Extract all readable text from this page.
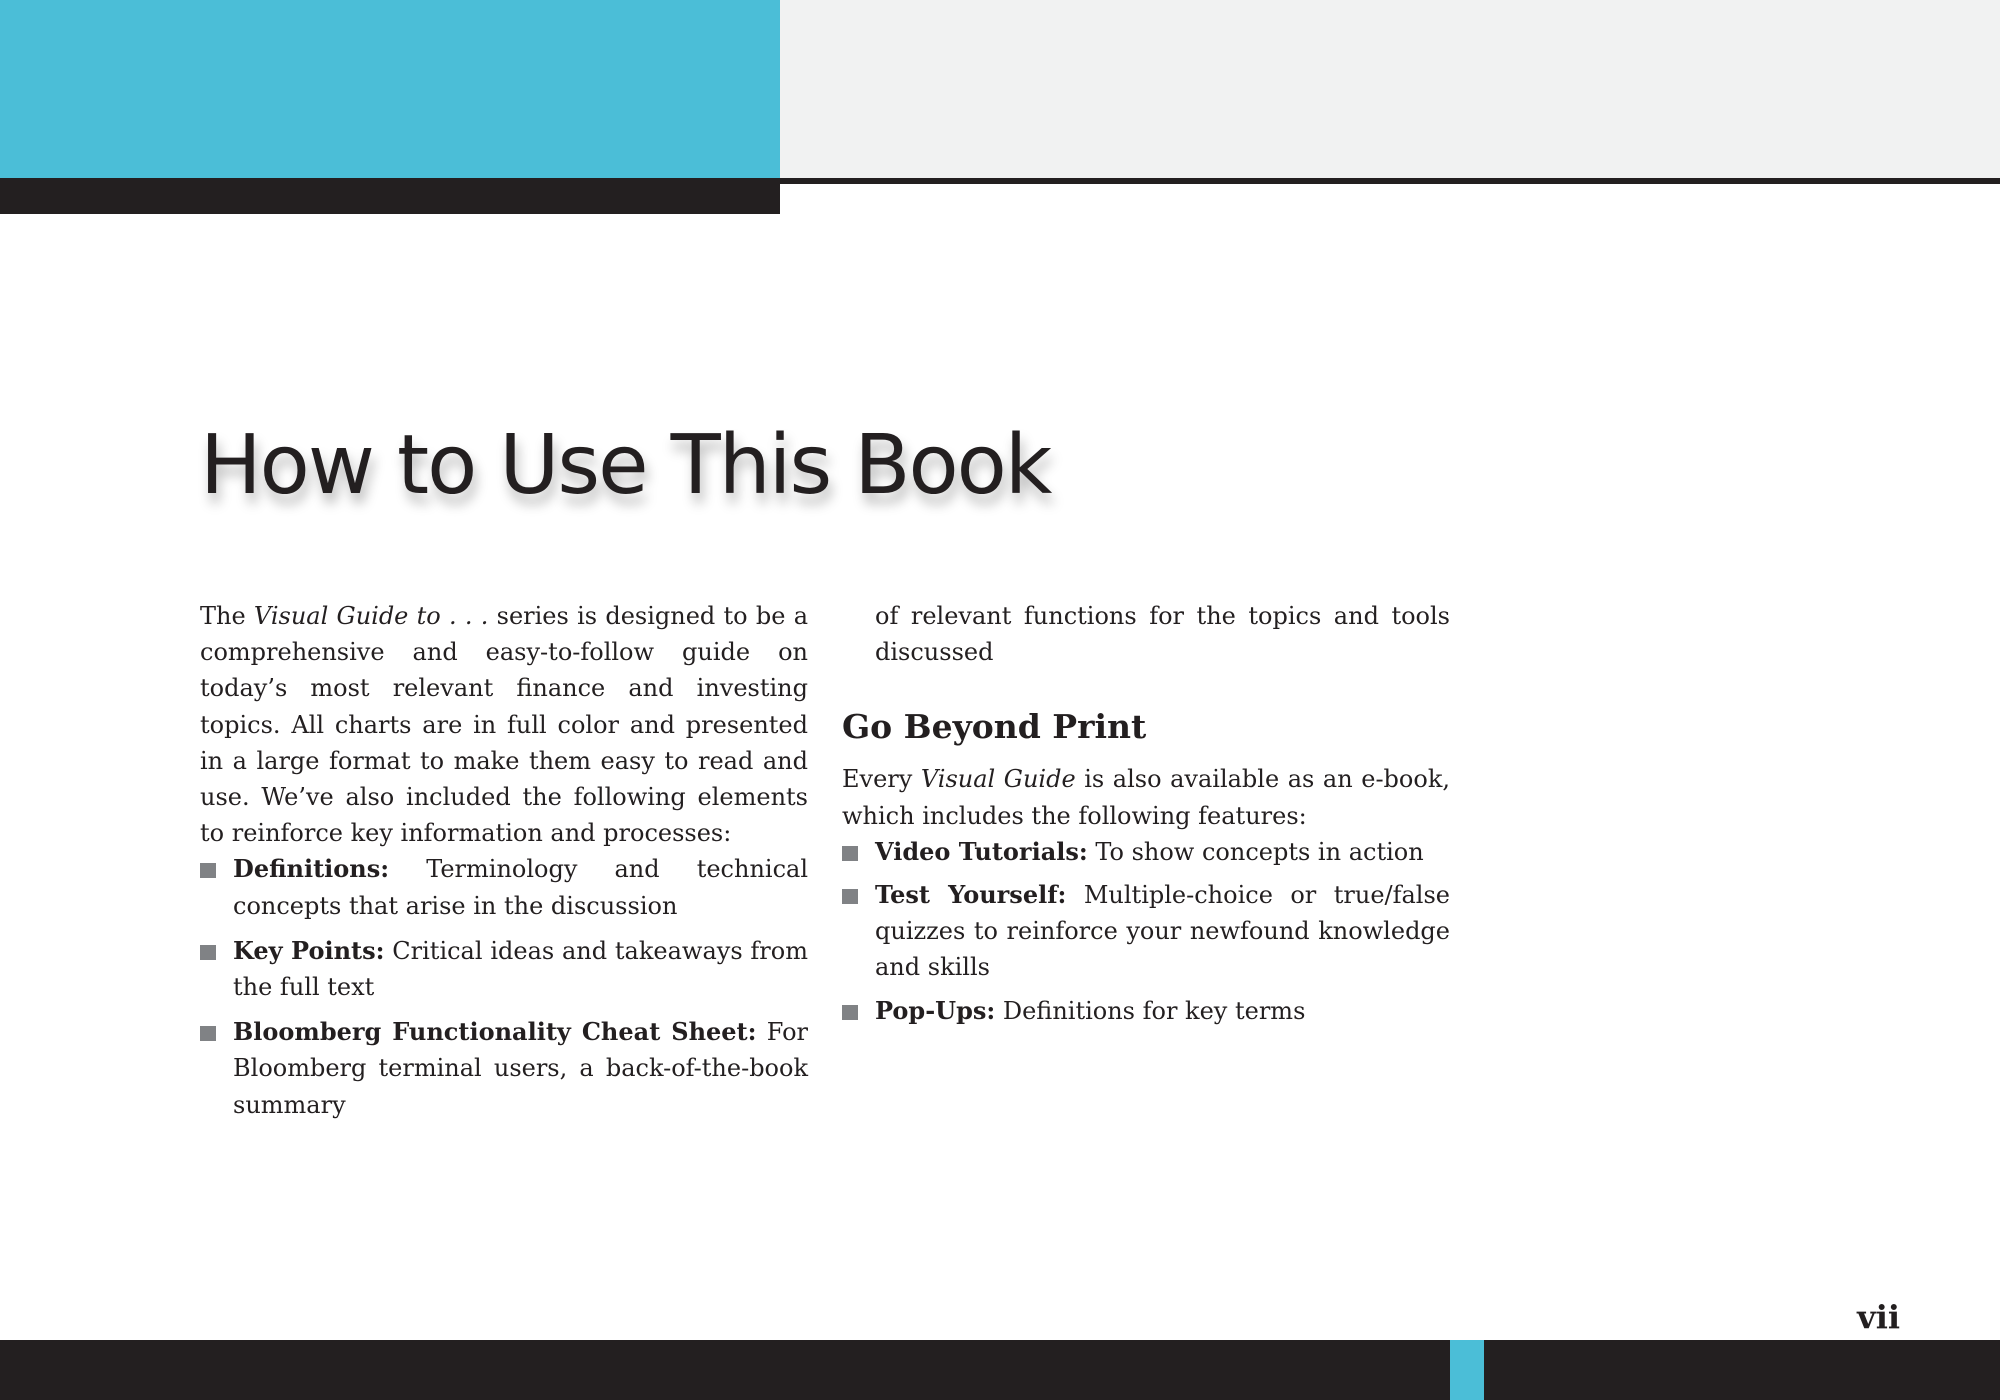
How to Use This Book

The Visual Guide to . . . series is designed to be a comprehensive and easy-to-follow guide on today’s most relevant finance and investing topics. All charts are in full color and presented in a large format to make them easy to read and use. We’ve also included the following elements to reinforce key information and processes:

Definitions: Terminology and technical concepts that arise in the discussion
Key Points: Critical ideas and takeaways from the full text
Bloomberg Functionality Cheat Sheet: For Bloomberg terminal users, a back-of-the-book summary

of relevant functions for the topics and tools discussed

Go Beyond Print

Every Visual Guide is also available as an e-book, which includes the following features:

Video Tutorials: To show concepts in action
Test Yourself: Multiple-choice or true/false quizzes to reinforce your newfound knowledge and skills
Pop-Ups: Definitions for key terms
vii
